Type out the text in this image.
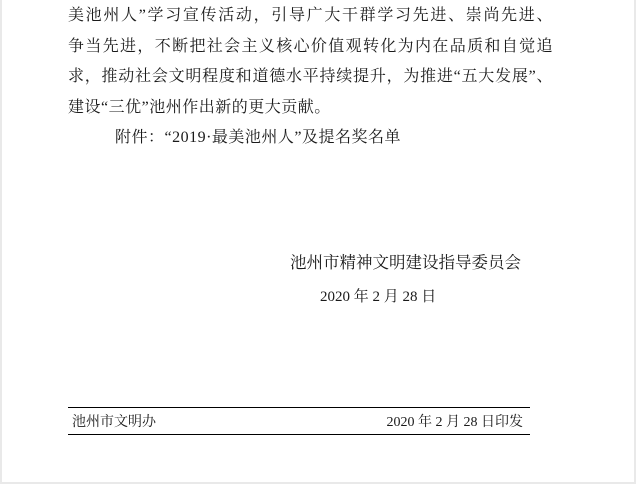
美池州人”学习宣传活动，引导广大干群学习先进、崇尚先进、
争当先进，不断把社会主义核心价值观转化为内在品质和自觉追
求，推动社会文明程度和道德水平持续提升，为推进“五大发展”、
建设“三优”池州作出新的更大贡献。
附件：“2019·最美池州人”及提名奖名单
池州市精神文明建设指导委员会
2020 年 2 月 28 日
池州市文明办	2020 年 2 月 28 日印发
